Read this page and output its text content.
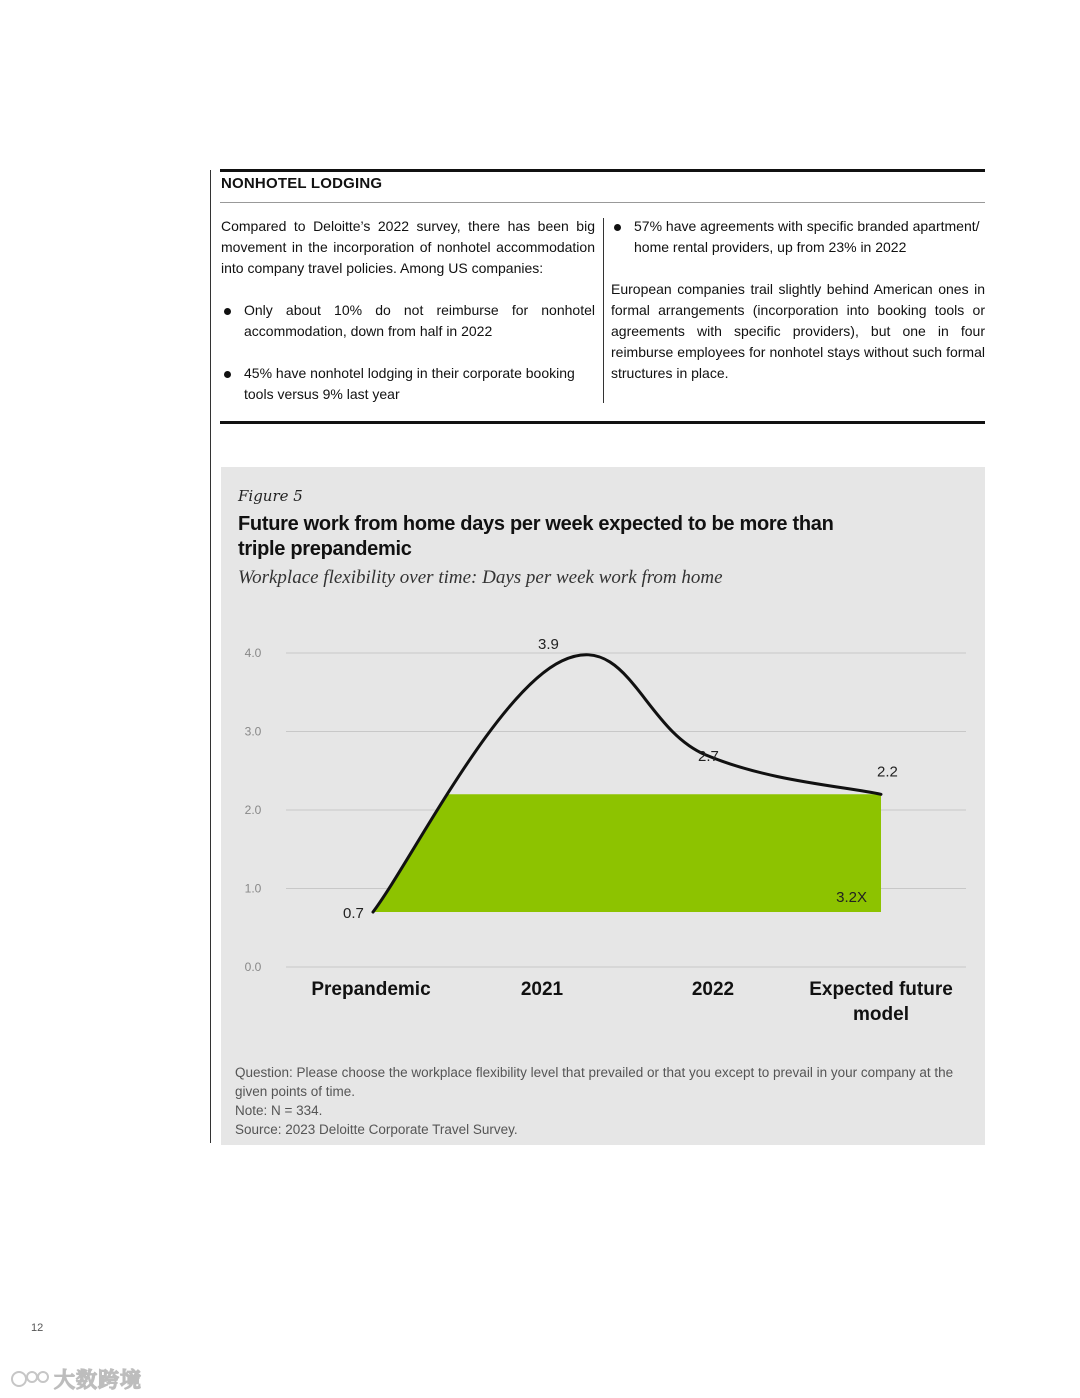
NONHOTEL LODGING

Compared to Deloitte’s 2022 survey, there has been big movement in the incorporation of nonhotel accommodation into company travel policies. Among US companies:

Only about 10% do not reimburse for nonhotel accommodation, down from half in 2022

45% have nonhotel lodging in their corporate booking tools versus 9% last year

57% have agreements with specific branded apartment/ home rental providers, up from 23% in 2022

European companies trail slightly behind American ones in formal arrangements (incorporation into booking tools or agreements with specific providers), but one in four reimburse employees for nonhotel stays without such formal structures in place.

Figure 5
Future work from home days per week expected to be more than triple prepandemic
Workplace flexibility over time: Days per week work from home
0.0
1.0
2.0
3.0
4.0
0.7
3.9
2.7
2.2
3.2X
Prepandemic	2021	2022	Expected future
model

Question: Please choose the workplace flexibility level that prevailed or that you except to prevail in your company at the given points of time.

Note: N = 334.

Source: 2023 Deloitte Corporate Travel Survey.

12
大数跨境
